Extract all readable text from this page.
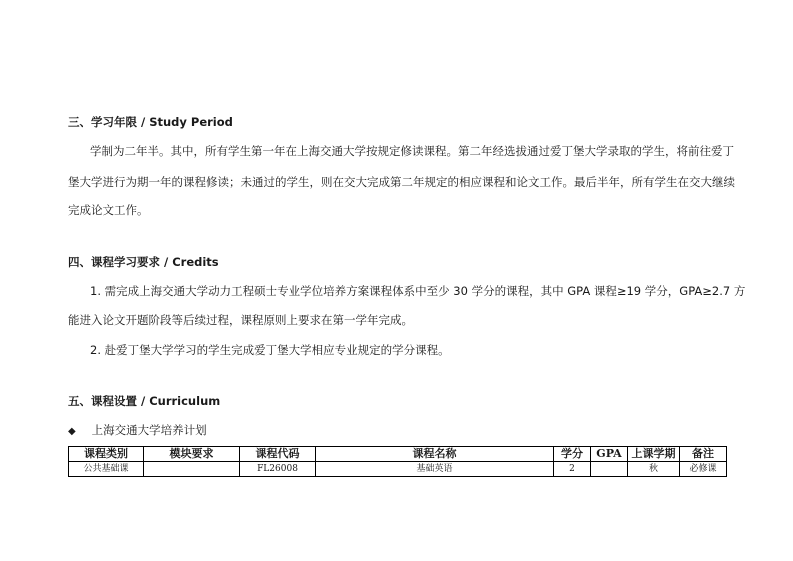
三、学习年限 / Study Period
学制为二年半。其中，所有学生第一年在上海交通大学按规定修读课程。第二年经选拔通过爱丁堡大学录取的学生，将前往爱丁
堡大学进行为期一年的课程修读；未通过的学生，则在交大完成第二年规定的相应课程和论文工作。最后半年，所有学生在交大继续
完成论文工作。
四、课程学习要求 / Credits
1. 需完成上海交通大学动力工程硕士专业学位培养方案课程体系中至少 30 学分的课程，其中 GPA 课程≥19 学分，GPA≥2.7 方
能进入论文开题阶段等后续过程，课程原则上要求在第一学年完成。
2. 赴爱丁堡大学学习的学生完成爱丁堡大学相应专业规定的学分课程。
五、课程设置 / Curriculum
◆ 上海交通大学培养计划
课程类别	模块要求	课程代码	课程名称	学分	GPA	上课学期	备注
公共基础课		FL26008	基础英语	2		秋	必修课
